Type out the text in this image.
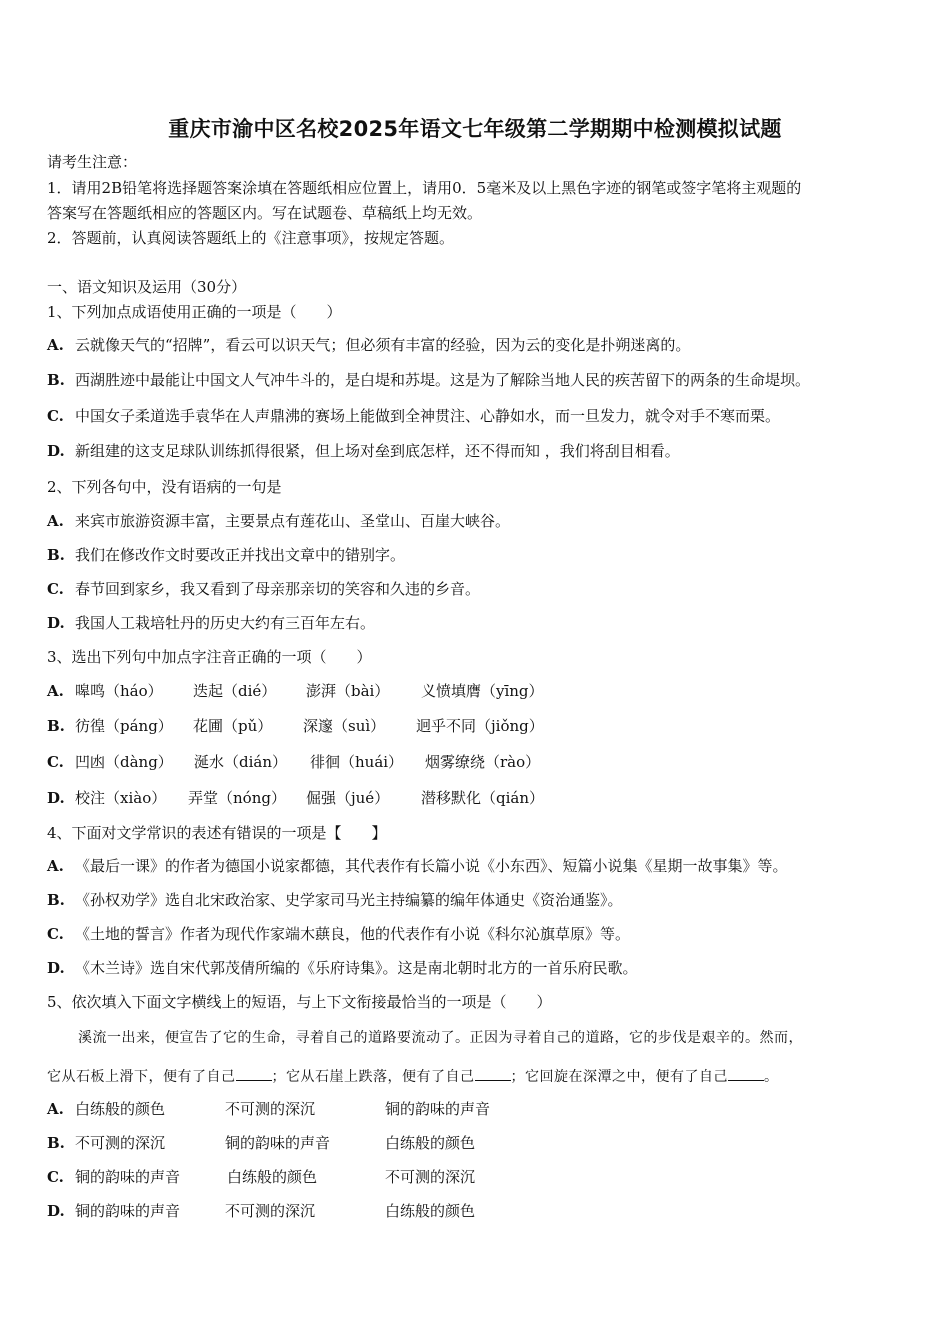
重庆市渝中区名校2025年语文七年级第二学期期中检测模拟试题
请考生注意：
1．请用2B铅笔将选择题答案涂填在答题纸相应位置上，请用0．5毫米及以上黑色字迹的钢笔或签字笔将主观题的
答案写在答题纸相应的答题区内。写在试题卷、草稿纸上均无效。
2．答题前，认真阅读答题纸上的《注意事项》，按规定答题。
一、语文知识及运用（30分）
1、下列加点成语使用正确的一项是（　　）
A. 云就像天气的“招牌”，看云可以识天气；但必须有丰富的经验，因为云的变化是扑朔迷离的。
B. 西湖胜迹中最能让中国文人气冲牛斗的，是白堤和苏堤。这是为了解除当地人民的疾苦留下的两条的生命堤坝。
C. 中国女子柔道选手袁华在人声鼎沸的赛场上能做到全神贯注、心静如水，而一旦发力，就令对手不寒而栗。
D. 新组建的这支足球队训练抓得很紧，但上场对垒到底怎样，还不得而知 ，我们将刮目相看。
2、下列各句中，没有语病的一句是
A. 来宾市旅游资源丰富，主要景点有莲花山、圣堂山、百崖大峡谷。
B. 我们在修改作文时要改正并找出文章中的错别字。
C. 春节回到家乡，我又看到了母亲那亲切的笑容和久违的乡音。
D. 我国人工栽培牡丹的历史大约有三百年左右。
3、选出下列句中加点字注音正确的一项（　　）
A. 嗥鸣（háo） 迭起（dié） 澎湃（bài） 义愤填膺（yīng）
B. 彷徨（páng） 花圃（pǔ） 深邃（suì） 迥乎不同（jiǒng）
C. 凹凼（dàng） 涎水（dián） 徘徊（huái） 烟雾缭绕（rào）
D. 校注（xiào） 弄堂（nóng） 倔强（jué） 潜移默化（qián）
4、下面对文学常识的表述有错误的一项是【　　】
A. 《最后一课》的作者为德国小说家都德，其代表作有长篇小说《小东西》、短篇小说集《星期一故事集》等。
B. 《孙权劝学》选自北宋政治家、史学家司马光主持编纂的编年体通史《资治通鉴》。
C. 《土地的誓言》作者为现代作家端木蕻良，他的代表作有小说《科尔沁旗草原》等。
D. 《木兰诗》选自宋代郭茂倩所编的《乐府诗集》。这是南北朝时北方的一首乐府民歌。
5、依次填入下面文字横线上的短语，与上下文衔接最恰当的一项是（　　）
溪流一出来，便宣告了它的生命，寻着自己的道路要流动了。正因为寻着自己的道路，它的步伐是艰辛的。然而，
它从石板上滑下，便有了自己	；它从石崖上跌落，便有了自己	；它回旋在深潭之中，便有了自己	。
A. 白练般的颜色	不可测的深沉	铜的韵味的声音
B. 不可测的深沉	铜的韵味的声音	白练般的颜色
C. 铜的韵味的声音	白练般的颜色	不可测的深沉
D. 铜的韵味的声音	不可测的深沉	白练般的颜色
